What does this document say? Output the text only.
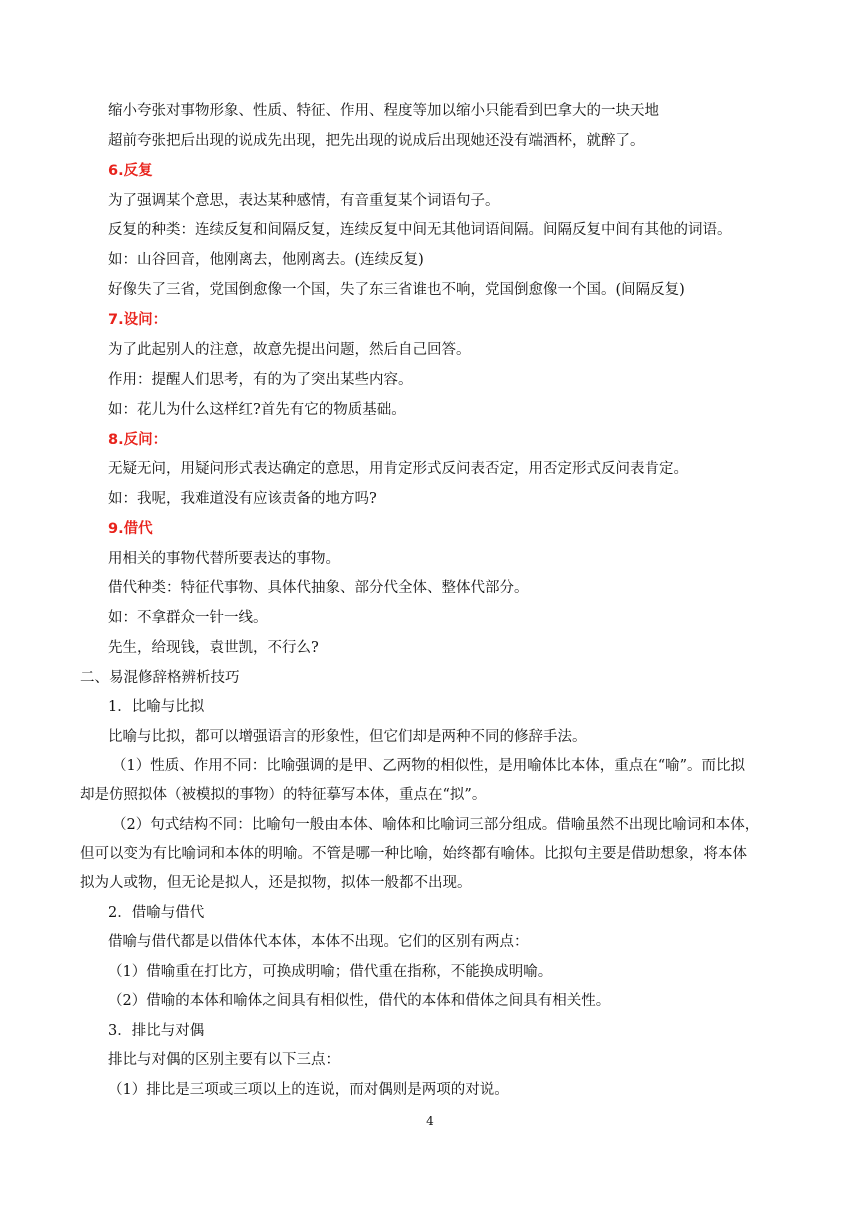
缩小夸张对事物形象、性质、特征、作用、程度等加以缩小只能看到巴拿大的一块天地
超前夸张把后出现的说成先出现，把先出现的说成后出现她还没有端酒杯，就醉了。
6.反复
为了强调某个意思，表达某种感情，有音重复某个词语句子。
反复的种类：连续反复和间隔反复，连续反复中间无其他词语间隔。间隔反复中间有其他的词语。
如：山谷回音，他刚离去，他刚离去。(连续反复)
好像失了三省，党国倒愈像一个国，失了东三省谁也不响，党国倒愈像一个国。(间隔反复)
7.设问：
为了此起别人的注意，故意先提出问题，然后自己回答。
作用：提醒人们思考，有的为了突出某些内容。
如：花儿为什么这样红?首先有它的物质基础。
8.反问：
无疑无问，用疑问形式表达确定的意思，用肯定形式反问表否定，用否定形式反问表肯定。
如：我呢，我难道没有应该责备的地方吗?
9.借代
用相关的事物代替所要表达的事物。
借代种类：特征代事物、具体代抽象、部分代全体、整体代部分。
如：不拿群众一针一线。
先生，给现钱，袁世凯，不行么?
二、易混修辞格辨析技巧
1．比喻与比拟
比喻与比拟，都可以增强语言的形象性，但它们却是两种不同的修辞手法。
（1）性质、作用不同：比喻强调的是甲、乙两物的相似性，是用喻体比本体，重点在“喻”。而比拟
却是仿照拟体（被模拟的事物）的特征摹写本体，重点在“拟”。
（2）句式结构不同：比喻句一般由本体、喻体和比喻词三部分组成。借喻虽然不出现比喻词和本体，
但可以变为有比喻词和本体的明喻。不管是哪一种比喻，始终都有喻体。比拟句主要是借助想象，将本体
拟为人或物，但无论是拟人，还是拟物，拟体一般都不出现。
2．借喻与借代
借喻与借代都是以借体代本体，本体不出现。它们的区别有两点：
（1）借喻重在打比方，可换成明喻；借代重在指称，不能换成明喻。
（2）借喻的本体和喻体之间具有相似性，借代的本体和借体之间具有相关性。
3．排比与对偶
排比与对偶的区别主要有以下三点：
（1）排比是三项或三项以上的连说，而对偶则是两项的对说。
4
